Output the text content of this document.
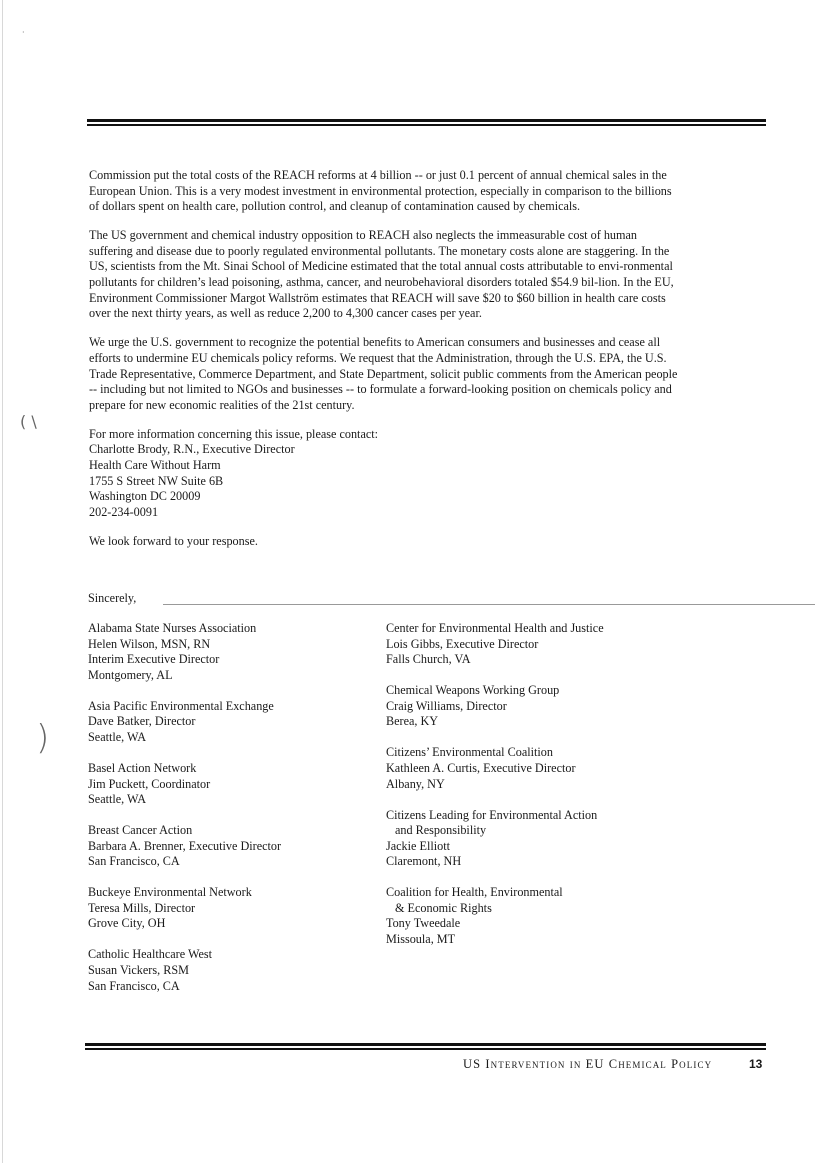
·
( \
)

Commission put the total costs of the REACH reforms at 4 billion -- or just 0.1 percent of annual chemical sales in the European Union. This is a very modest investment in environmental protection, especially in comparison to the billions of dollars spent on health care, pollution control, and cleanup of contamination caused by chemicals.

The US government and chemical industry opposition to REACH also neglects the immeasurable cost of human suffering and disease due to poorly regulated environmental pollutants. The monetary costs alone are staggering. In the US, scientists from the Mt. Sinai School of Medicine estimated that the total annual costs attributable to envi-ronmental pollutants for children’s lead poisoning, asthma, cancer, and neurobehavioral disorders totaled $54.9 bil-lion. In the EU, Environment Commissioner Margot Wallström estimates that REACH will save $20 to $60 billion in health care costs over the next thirty years, as well as reduce 2,200 to 4,300 cancer cases per year.

We urge the U.S. government to recognize the potential benefits to American consumers and businesses and cease all efforts to undermine EU chemicals policy reforms. We request that the Administration, through the U.S. EPA, the U.S. Trade Representative, Commerce Department, and State Department, solicit public comments from the American people -- including but not limited to NGOs and businesses -- to formulate a forward-looking position on chemicals policy and prepare for new economic realities of the 21st century.

For more information concerning this issue, please contact:
Charlotte Brody, R.N., Executive Director
Health Care Without Harm
1755 S Street NW Suite 6B
Washington DC 20009
202-234-0091

We look forward to your response.

Sincerely,
Alabama State Nurses Association
Helen Wilson, MSN, RN
Interim Executive Director
Montgomery, AL
Asia Pacific Environmental Exchange
Dave Batker, Director
Seattle, WA
Basel Action Network
Jim Puckett, Coordinator
Seattle, WA
Breast Cancer Action
Barbara A. Brenner, Executive Director
San Francisco, CA
Buckeye Environmental Network
Teresa Mills, Director
Grove City, OH
Catholic Healthcare West
Susan Vickers, RSM
San Francisco, CA
Center for Environmental Health and Justice
Lois Gibbs, Executive Director
Falls Church, VA
Chemical Weapons Working Group
Craig Williams, Director
Berea, KY
Citizens’ Environmental Coalition
Kathleen A. Curtis, Executive Director
Albany, NY
Citizens Leading for Environmental Action
and Responsibility
Jackie Elliott
Claremont, NH
Coalition for Health, Environmental
& Economic Rights
Tony Tweedale
Missoula, MT
US Intervention in EU Chemical Policy	13
